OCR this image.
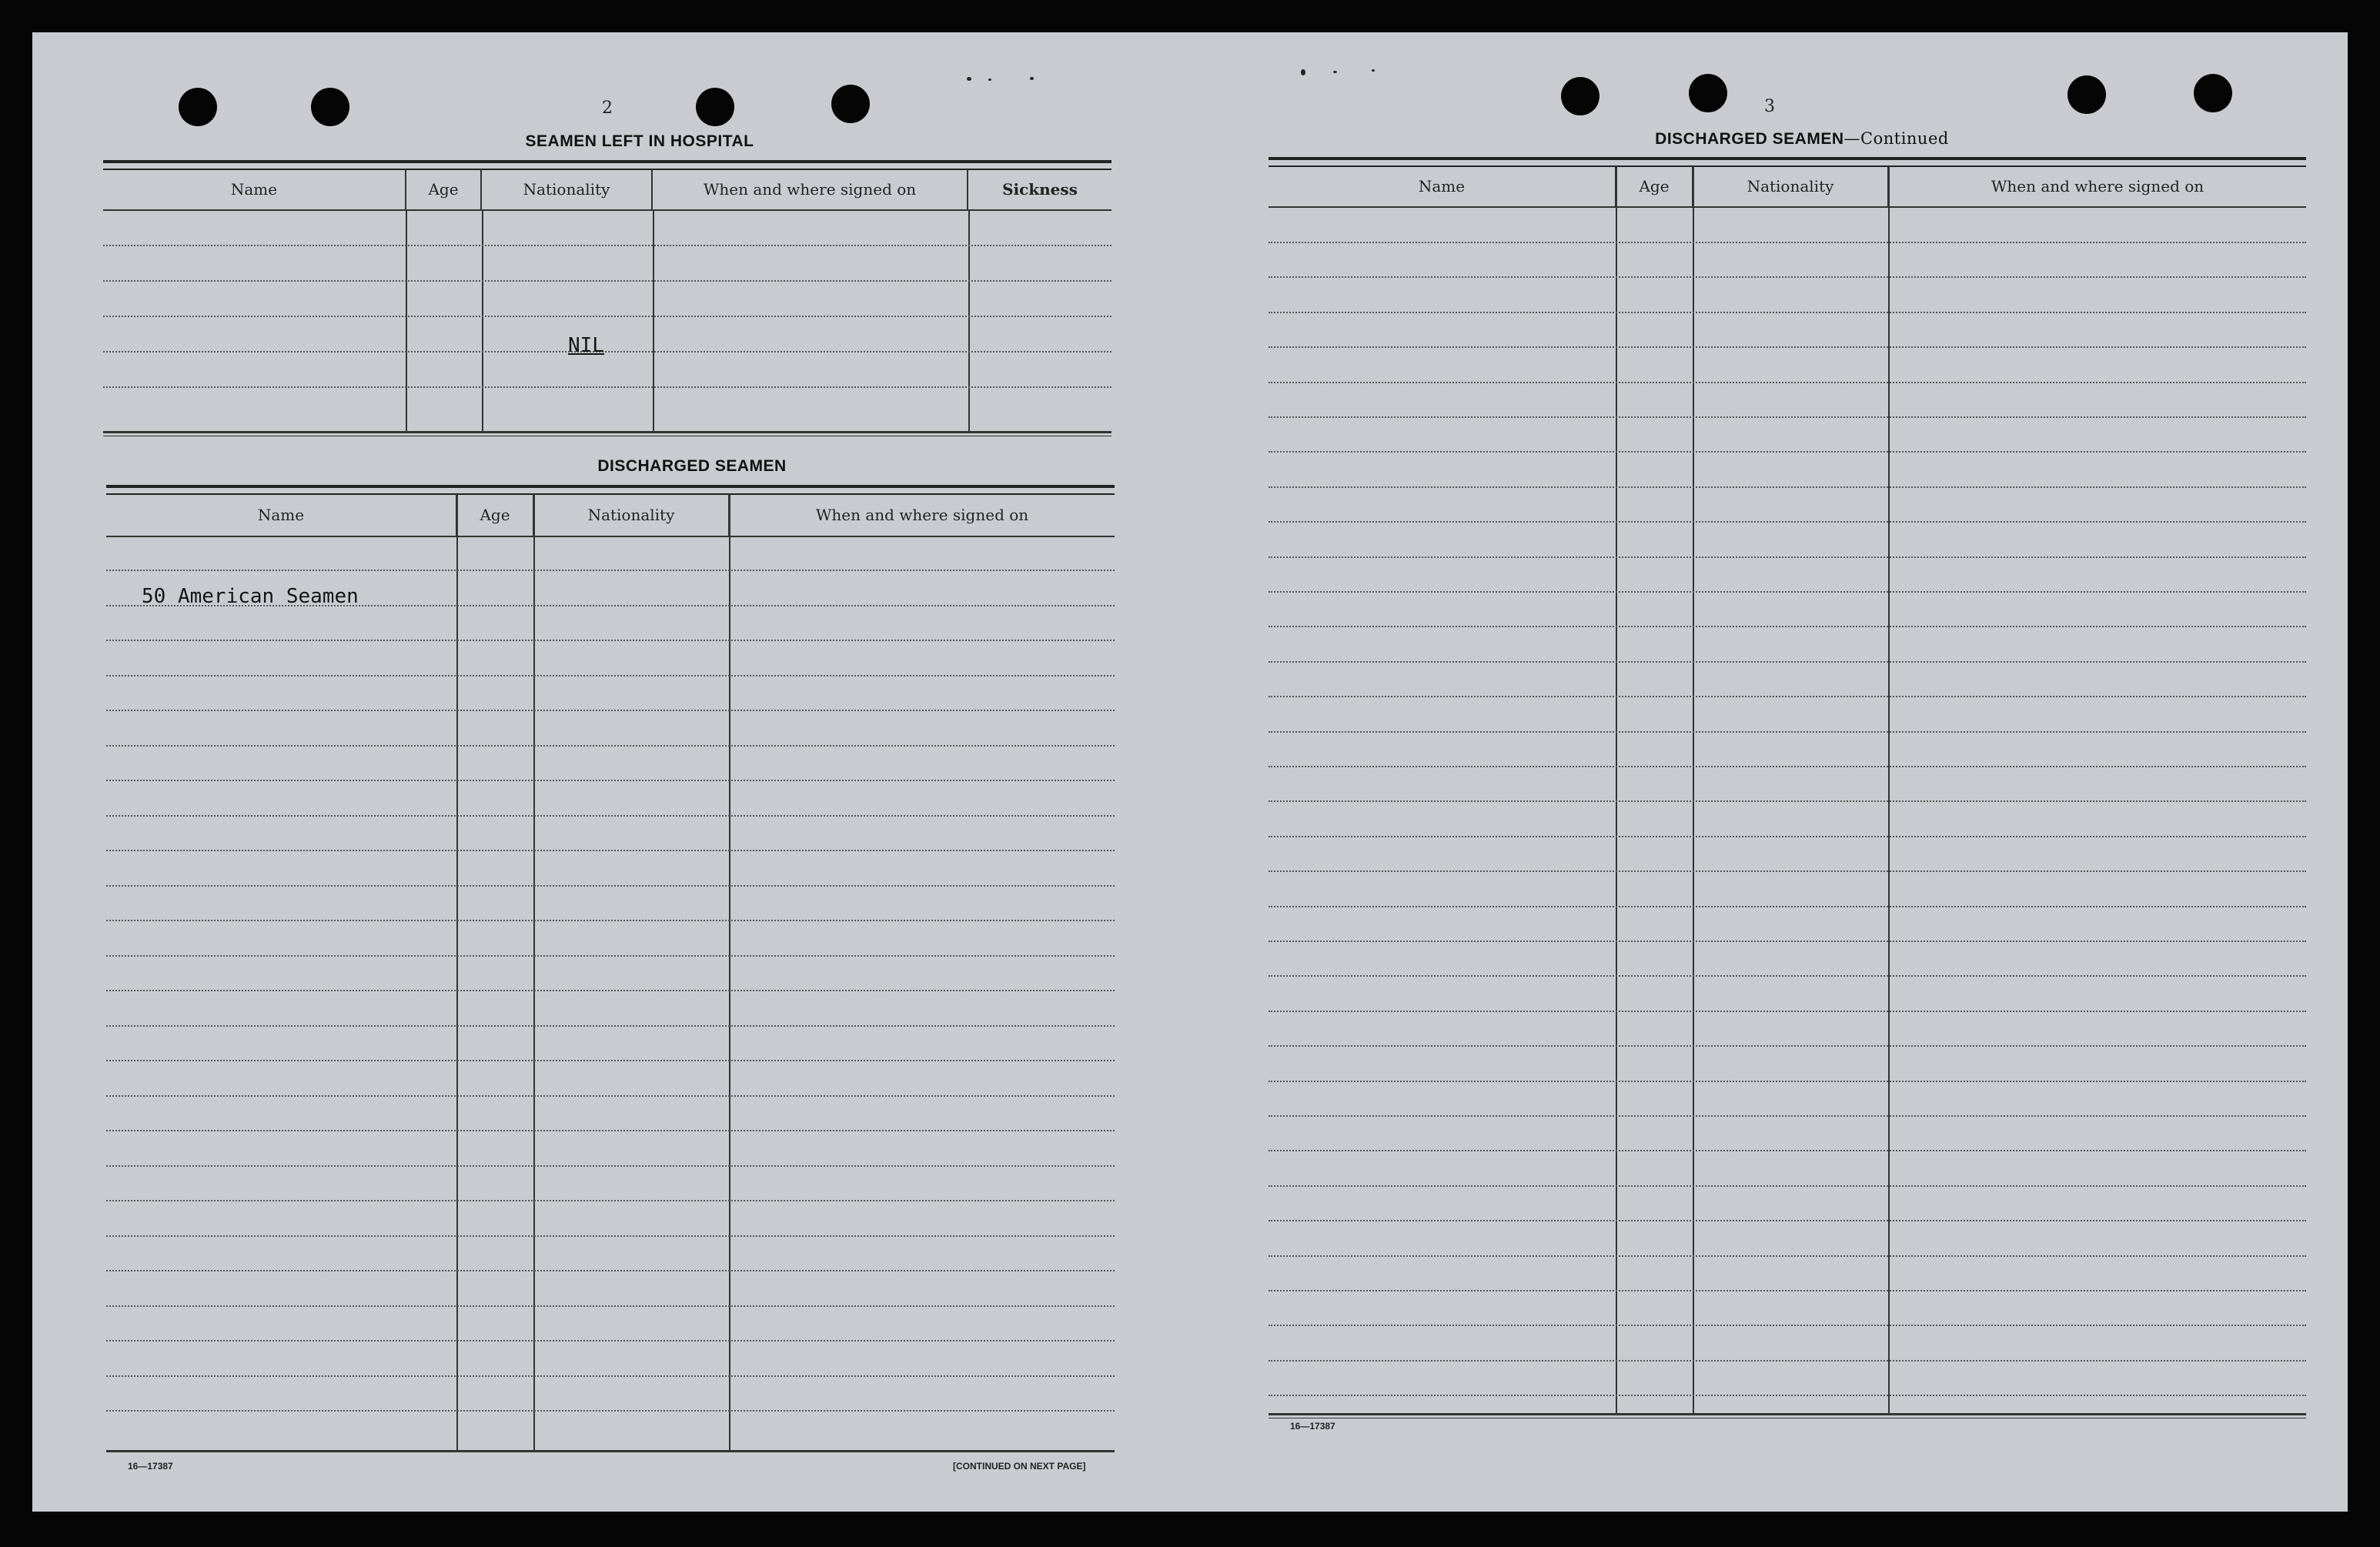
2
SEAMEN LEFT IN HOSPITAL
Name	Age	Nationality	When and where signed on	Sickness
NIL
DISCHARGED SEAMEN
Name	Age	Nationality	When and where signed on
50 American Seamen
16—17387	[CONTINUED ON NEXT PAGE]
3
DISCHARGED SEAMEN—Continued
Name	Age	Nationality	When and where signed on
16—17387
